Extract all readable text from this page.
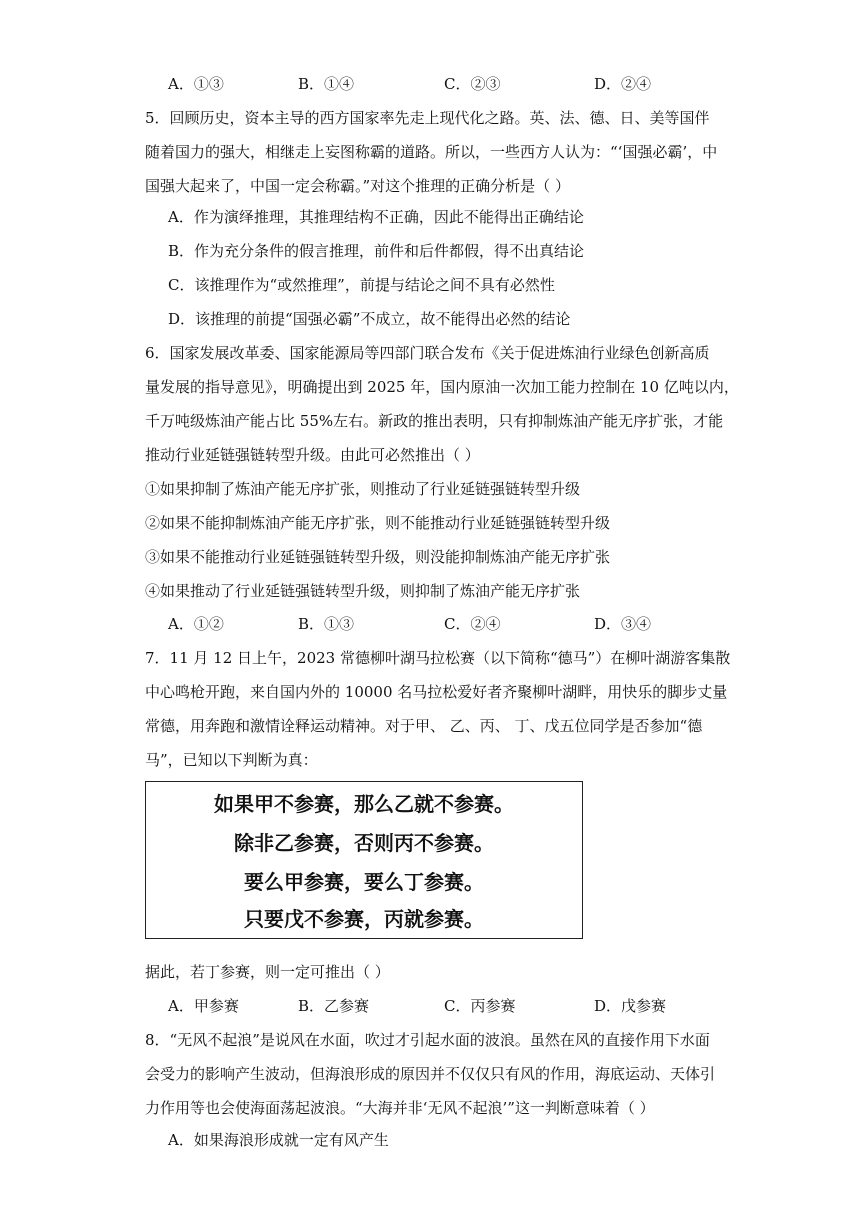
A．①③	B．①④	C．②③	D．②④
5．回顾历史，资本主导的西方国家率先走上现代化之路。英、法、德、日、美等国伴
随着国力的强大，相继走上妄图称霸的道路。所以，一些西方人认为：“‘国强必霸’，中
国强大起来了，中国一定会称霸。”对这个推理的正确分析是（ ）
A．作为演绎推理，其推理结构不正确，因此不能得出正确结论
B．作为充分条件的假言推理，前件和后件都假，得不出真结论
C．该推理作为“或然推理”，前提与结论之间不具有必然性
D．该推理的前提“国强必霸”不成立，故不能得出必然的结论
6．国家发展改革委、国家能源局等四部门联合发布《关于促进炼油行业绿色创新高质
量发展的指导意见》，明确提出到 2025 年，国内原油一次加工能力控制在 10 亿吨以内，
千万吨级炼油产能占比 55%左右。新政的推出表明，只有抑制炼油产能无序扩张，才能
推动行业延链强链转型升级。由此可必然推出（ ）
①如果抑制了炼油产能无序扩张，则推动了行业延链强链转型升级
②如果不能抑制炼油产能无序扩张，则不能推动行业延链强链转型升级
③如果不能推动行业延链强链转型升级，则没能抑制炼油产能无序扩张
④如果推动了行业延链强链转型升级，则抑制了炼油产能无序扩张
A．①②	B．①③	C．②④	D．③④
7．11 月 12 日上午，2023 常德柳叶湖马拉松赛（以下简称“德马”）在柳叶湖游客集散
中心鸣枪开跑，来自国内外的 10000 名马拉松爱好者齐聚柳叶湖畔，用快乐的脚步丈量
常德，用奔跑和激情诠释运动精神。对于甲、 乙、丙、 丁、戊五位同学是否参加“德
马”，已知以下判断为真：
如果甲不参赛，那么乙就不参赛。
除非乙参赛，否则丙不参赛。
要么甲参赛，要么丁参赛。
只要戊不参赛，丙就参赛。
据此，若丁参赛，则一定可推出（ ）
A．甲参赛	B．乙参赛	C．丙参赛	D．戊参赛
8．“无风不起浪”是说风在水面，吹过才引起水面的波浪。虽然在风的直接作用下水面
会受力的影响产生波动，但海浪形成的原因并不仅仅只有风的作用，海底运动、天体引
力作用等也会使海面荡起波浪。“大海并非‘无风不起浪’”这一判断意味着（ ）
A．如果海浪形成就一定有风产生
